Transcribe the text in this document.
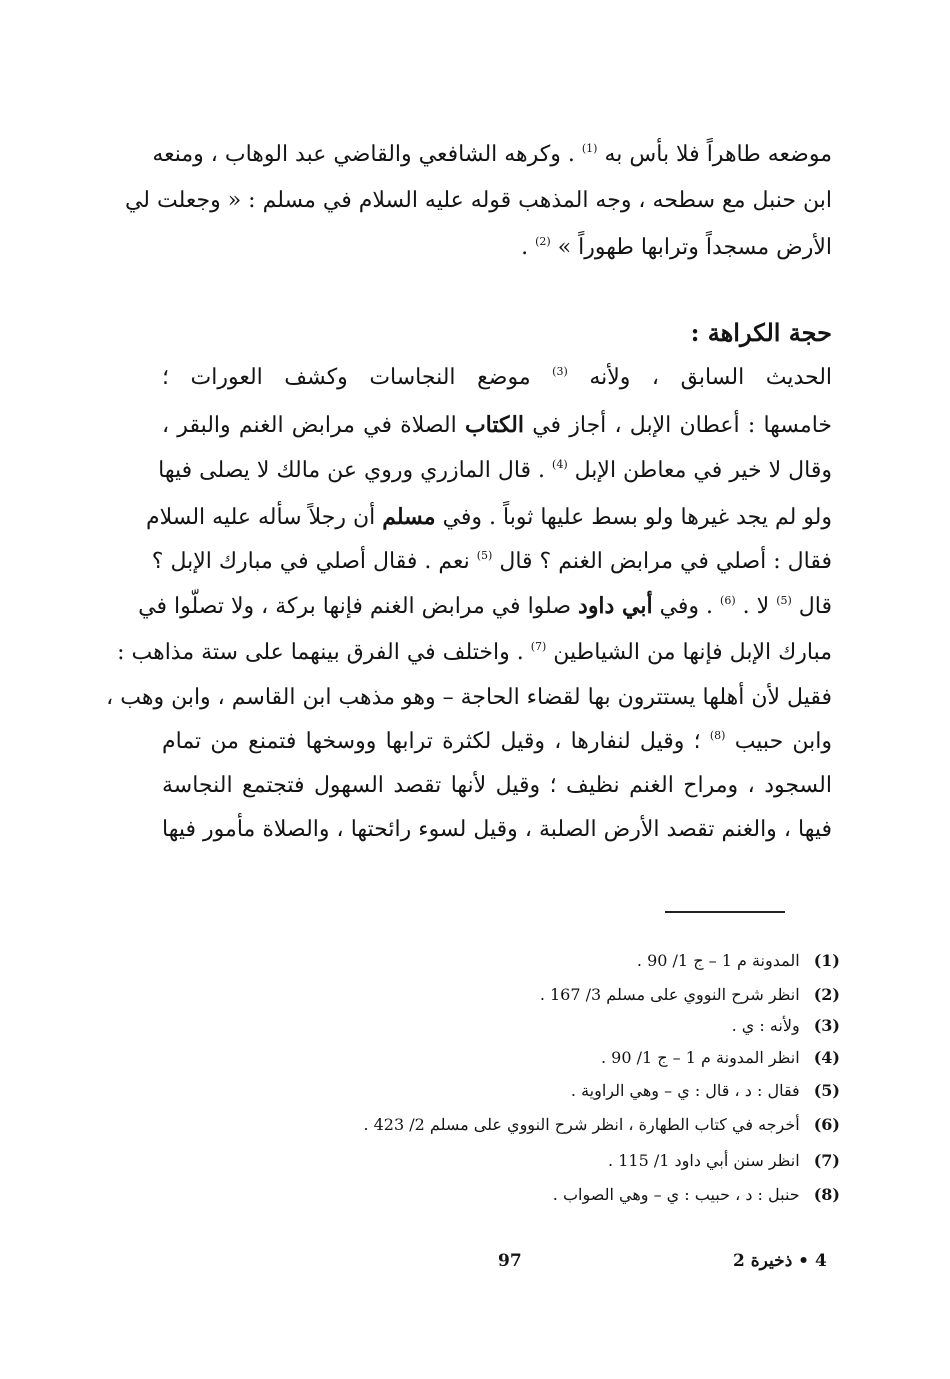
موضعه طاهراً فلا بأس به $^{(1)}$ . وكرهه الشافعي والقاضي عبد الوهاب ، ومنعه
ابن حنبل مع سطحه ، وجه المذهب قوله عليه السلام في مسلم : « وجعلت لي
الأرض مسجداً وترابها طهوراً » $^{(2)}$ .
حجة الكراهة :
الحديث السابق ، ولأنه $^{(3)}$ موضع النجاسات وكشف العورات ؛
خامسها : أعطان الإبل ، أجاز في الكتاب الصلاة في مرابض الغنم والبقر ،
وقال لا خير في معاطن الإبل $^{(4)}$ . قال المازري وروي عن مالك لا يصلى فيها
ولو لم يجد غيرها ولو بسط عليها ثوباً . وفي مسلم أن رجلاً سأله عليه السلام
فقال : أصلي في مرابض الغنم ؟ قال $^{(5)}$ نعم . فقال أصلي في مبارك الإبل ؟
قال $^{(5)}$ لا . $^{(6)}$ . وفي أبي داود صلوا في مرابض الغنم فإنها بركة ، ولا تصلّوا في
مبارك الإبل فإنها من الشياطين $^{(7)}$ . واختلف في الفرق بينهما على ستة مذاهب :
فقيل لأن أهلها يستترون بها لقضاء الحاجة – وهو مذهب ابن القاسم ، وابن وهب ،
وابن حبيب $^{(8)}$ ؛ وقيل لنفارها ، وقيل لكثرة ترابها ووسخها فتمنع من تمام
السجود ، ومراح الغنم نظيف ؛ وقيل لأنها تقصد السهول فتجتمع النجاسة
فيها ، والغنم تقصد الأرض الصلبة ، وقيل لسوء رائحتها ، والصلاة مأمور فيها
(1)المدونة م 1 – ج 1/ 90 .
(2)انظر شرح النووي على مسلم 3/ 167 .
(3)ولأنه : ي .
(4)انظر المدونة م 1 – ج 1/ 90 .
(5)فقال : د ، قال : ي – وهي الراوية .
(6)أخرجه في كتاب الطهارة ، انظر شرح النووي على مسلم 2/ 423 .
(7)انظر سنن أبي داود 1/ 115 .
(8)حنبل : د ، حبيب : ي – وهي الصواب .
97	4 • ذخيرة 2
